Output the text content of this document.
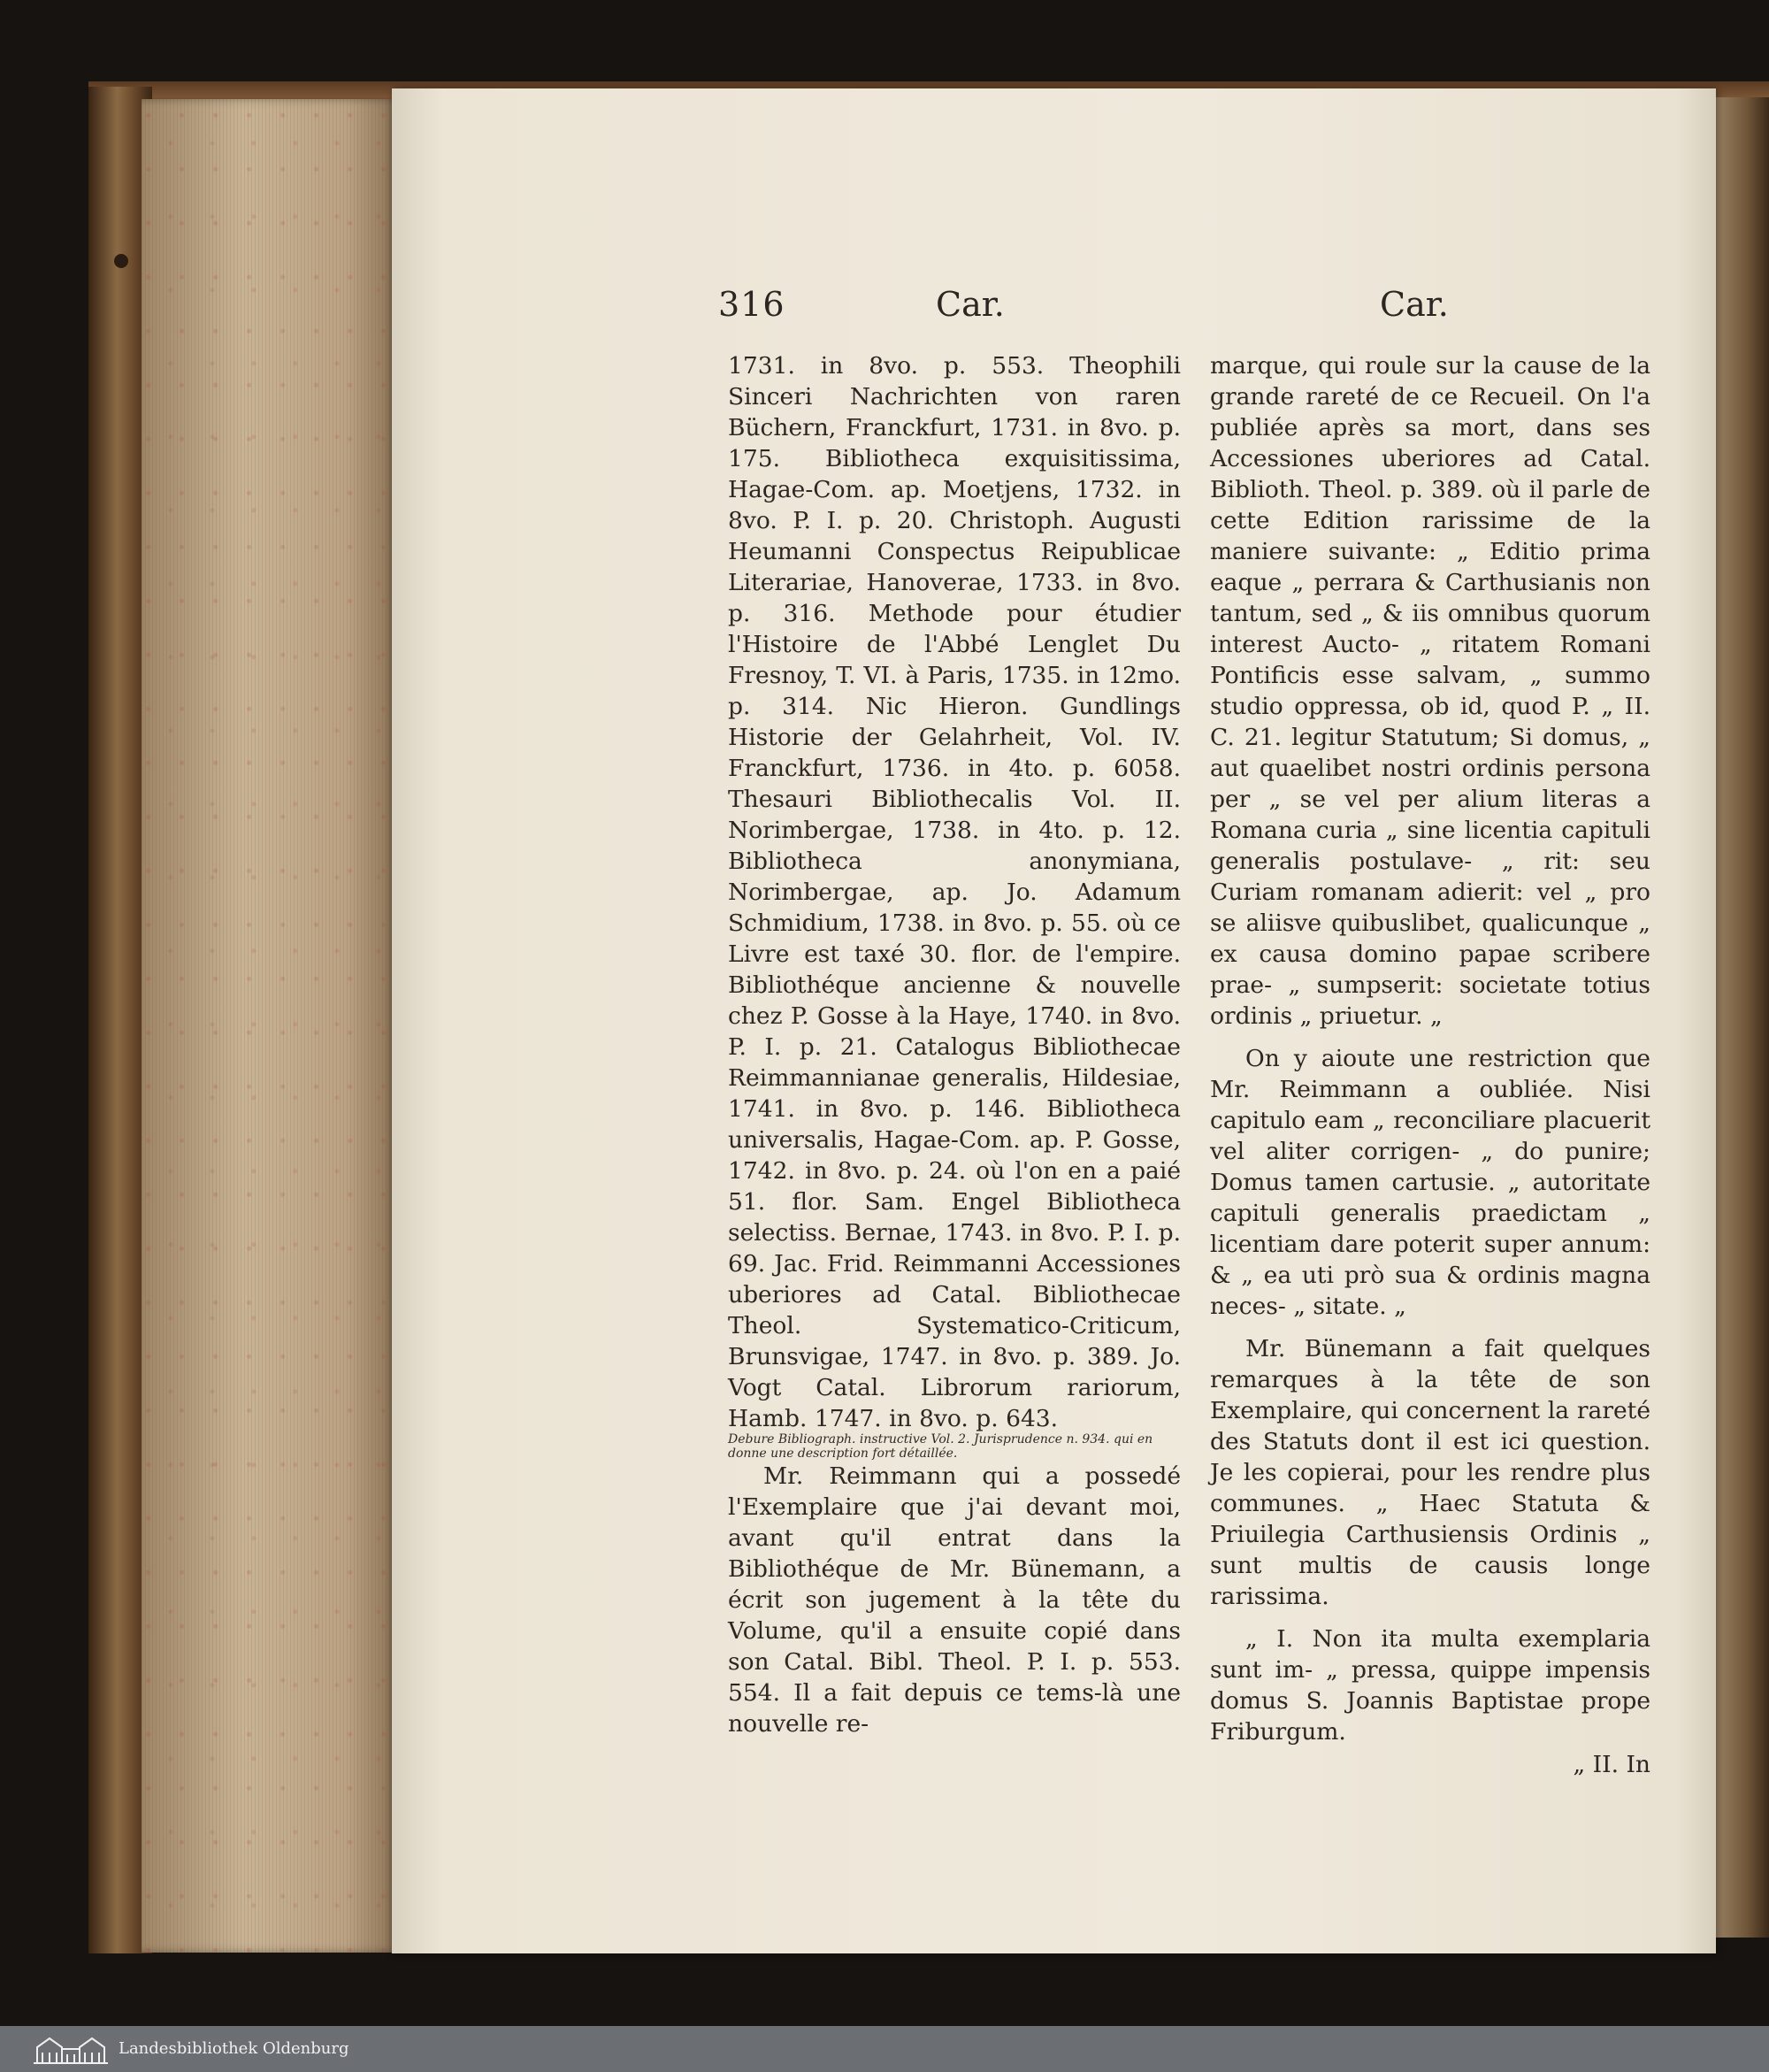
316	Car.	Car.

1731. in 8vo. p. 553. Theophili Sinceri Nachrichten von raren Büchern, Franckfurt, 1731. in 8vo. p. 175. Bibliotheca exquisitissima, Hagae-Com. ap. Moetjens, 1732. in 8vo. P. I. p. 20. Christoph. Augusti Heumanni Conspectus Reipublicae Literariae, Hanoverae, 1733. in 8vo. p. 316. Methode pour étudier l'Histoire de l'Abbé Lenglet Du Fresnoy, T. VI. à Paris, 1735. in 12mo. p. 314. Nic Hieron. Gundlings Historie der Gelahrheit, Vol. IV. Franckfurt, 1736. in 4to. p. 6058. Thesauri Bibliothecalis Vol. II. Norimbergae, 1738. in 4to. p. 12. Bibliotheca anonymiana, Norimbergae, ap. Jo. Adamum Schmidium, 1738. in 8vo. p. 55. où ce Livre est taxé 30. flor. de l'empire. Bibliothéque ancienne & nouvelle chez P. Gosse à la Haye, 1740. in 8vo. P. I. p. 21. Catalogus Bibliothecae Reimmannianae generalis, Hildesiae, 1741. in 8vo. p. 146. Bibliotheca universalis, Hagae-Com. ap. P. Gosse, 1742. in 8vo. p. 24. où l'on en a paié 51. flor. Sam. Engel Bibliotheca selectiss. Bernae, 1743. in 8vo. P. I. p. 69. Jac. Frid. Reimmanni Accessiones uberiores ad Catal. Bibliothecae Theol. Systematico-Criticum, Brunsvigae, 1747. in 8vo. p. 389. Jo. Vogt Catal. Librorum rariorum, Hamb. 1747. in 8vo. p. 643.

Debure Bibliograph. instructive Vol. 2. Jurisprudence n. 934. qui en donne une description fort détaillée.

Mr. Reimmann qui a possedé l'Exemplaire que j'ai devant moi, avant qu'il entrat dans la Bibliothéque de Mr. Bünemann, a écrit son jugement à la tête du Volume, qu'il a ensuite copié dans son Catal. Bibl. Theol. P. I. p. 553. 554. Il a fait depuis ce tems-là une nouvelle re-

marque, qui roule sur la cause de la grande rareté de ce Recueil. On l'a publiée après sa mort, dans ses Accessiones uberiores ad Catal. Biblioth. Theol. p. 389. où il parle de cette Edition rarissime de la maniere suivante: „ Editio prima eaque „ perrara & Carthusianis non tantum, sed „ & iis omnibus quorum interest Aucto- „ ritatem Romani Pontificis esse salvam, „ summo studio oppressa, ob id, quod P. „ II. C. 21. legitur Statutum; Si domus, „ aut quaelibet nostri ordinis persona per „ se vel per alium literas a Romana curia „ sine licentia capituli generalis postulave- „ rit: seu Curiam romanam adierit: vel „ pro se aliisve quibuslibet, qualicunque „ ex causa domino papae scribere prae- „ sumpserit: societate totius ordinis „ priuetur. „

On y aioute une restriction que Mr. Reimmann a oubliée. Nisi capitulo eam „ reconciliare placuerit vel aliter corrigen- „ do punire; Domus tamen cartusie. „ autoritate capituli generalis praedictam „ licentiam dare poterit super annum: & „ ea uti prò sua & ordinis magna neces- „ sitate. „

Mr. Bünemann a fait quelques remarques à la tête de son Exemplaire, qui concernent la rareté des Statuts dont il est ici question. Je les copierai, pour les rendre plus communes. „ Haec Statuta & Priuilegia Carthusiensis Ordinis „ sunt multis de causis longe rarissima.

„ I. Non ita multa exemplaria sunt im- „ pressa, quippe impensis domus S. Joannis Baptistae prope Friburgum.

„ II. In
Landesbibliothek Oldenburg
